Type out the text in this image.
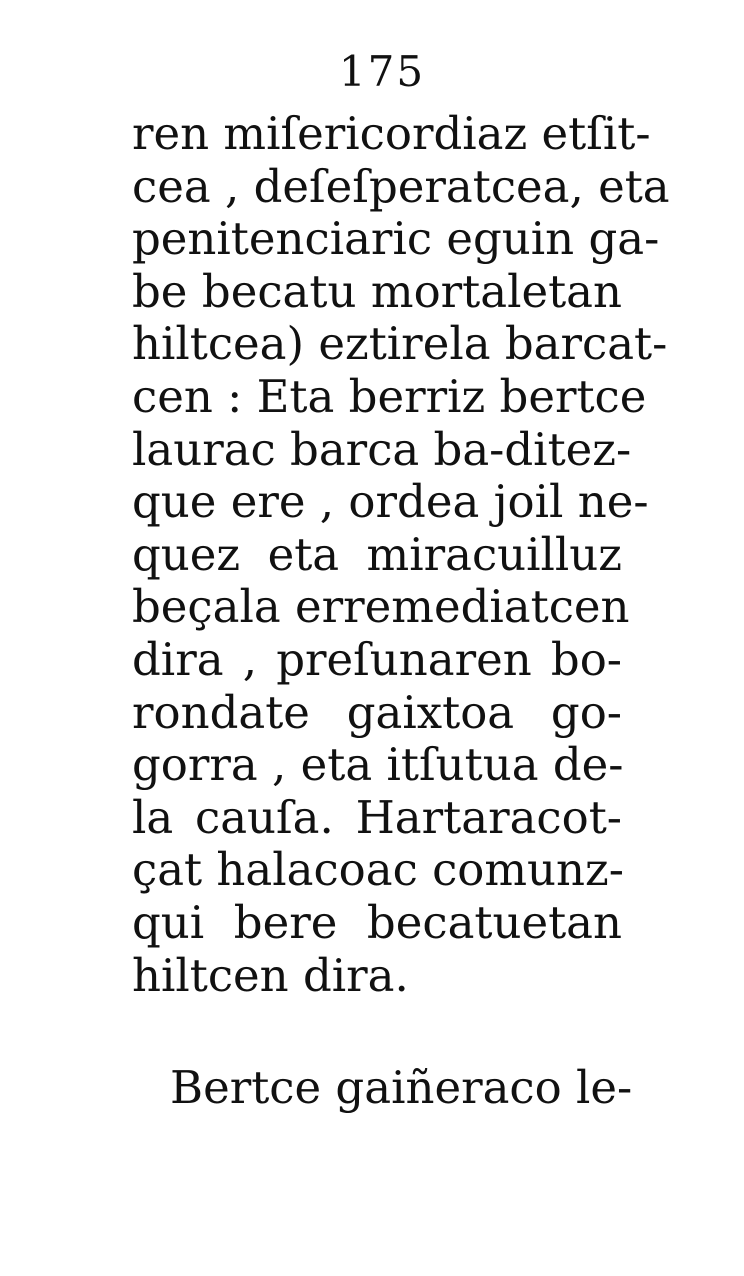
175
ren miſericordiaz etſit-
cea , deſeſperatcea, eta
penitenciaric eguin ga-
be becatu mortaletan
hiltcea) eztirela barcat-
cen : Eta berriz bertce
laurac barca ba-ditez-
que ere , ordea joil ne-
quez eta miracuilluz
beçala erremediatcen
dira , preſunaren bo-
rondate gaixtoa go-
gorra , eta itſutua de-
la cauſa. Hartaracot-
çat halacoac comunz-
qui bere becatuetan
hiltcen dira.
Bertce gaiñeraco le-
